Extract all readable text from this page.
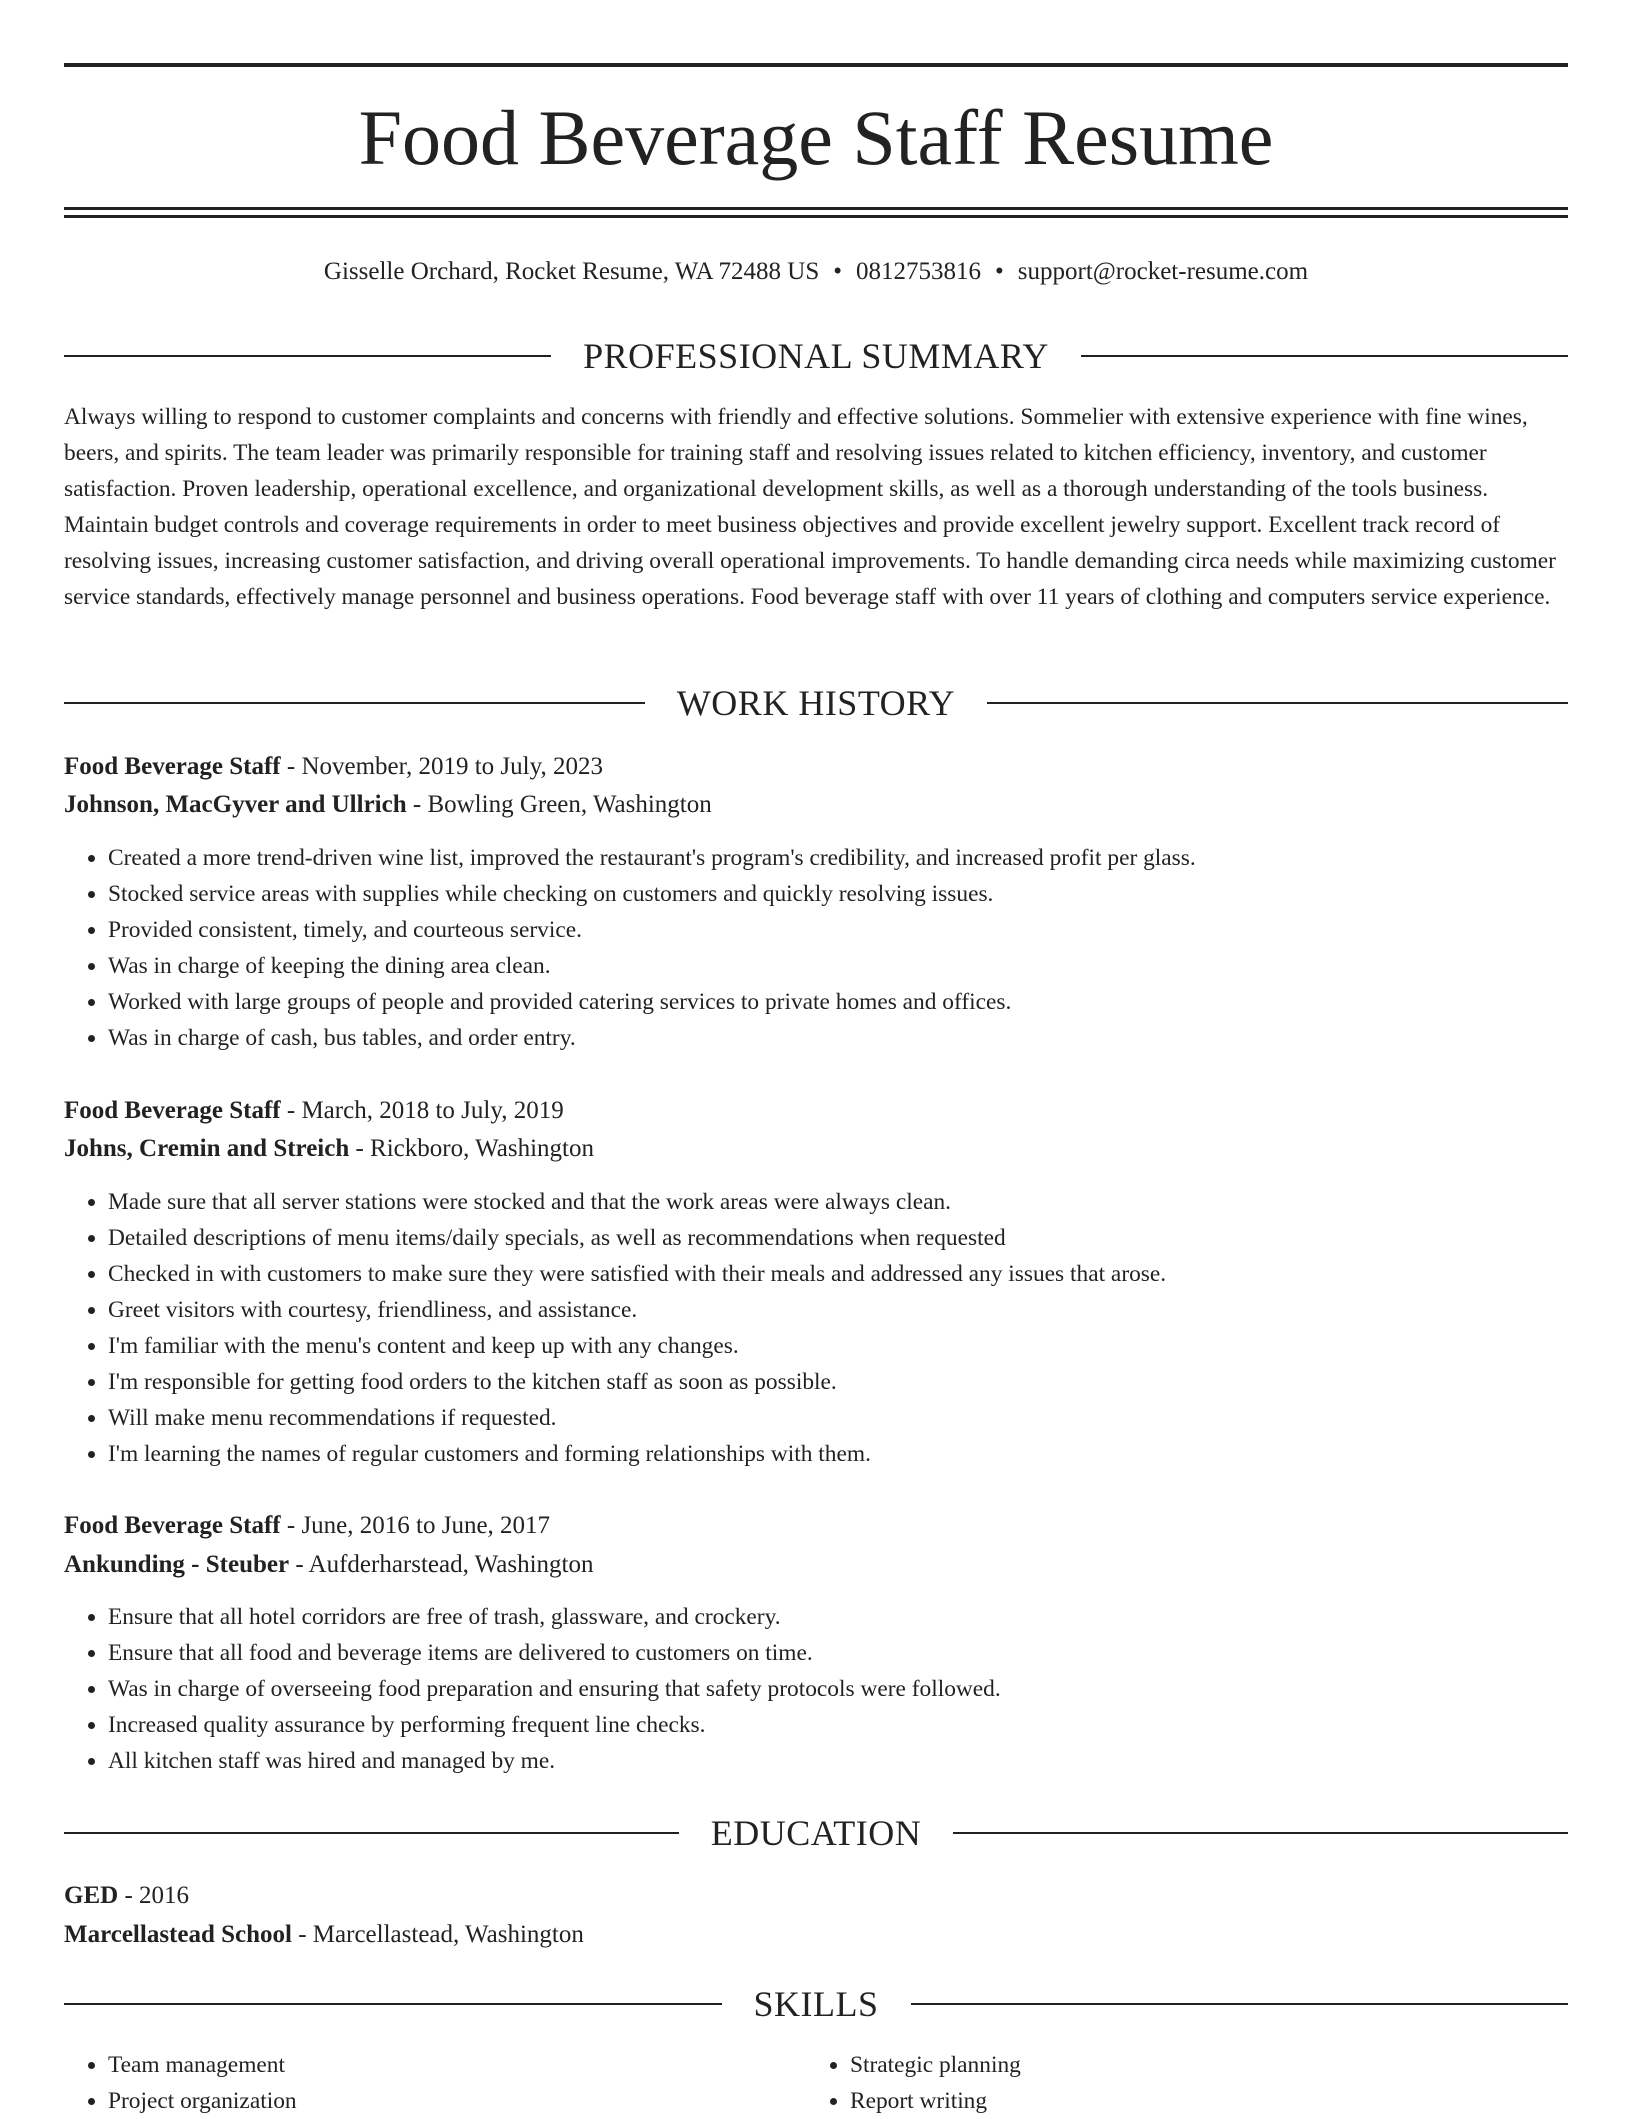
Food Beverage Staff Resume
Gisselle Orchard, Rocket Resume, WA 72488 US • 0812753816 • support@rocket-resume.com
PROFESSIONAL SUMMARY

Always willing to respond to customer complaints and concerns with friendly and effective solutions. Sommelier with extensive experience with fine wines, beers, and spirits. The team leader was primarily responsible for training staff and resolving issues related to kitchen efficiency, inventory, and customer satisfaction. Proven leadership, operational excellence, and organizational development skills, as well as a thorough understanding of the tools business. Maintain budget controls and coverage requirements in order to meet business objectives and provide excellent jewelry support. Excellent track record of resolving issues, increasing customer satisfaction, and driving overall operational improvements. To handle demanding circa needs while maximizing customer service standards, effectively manage personnel and business operations. Food beverage staff with over 11 years of clothing and computers service experience.

WORK HISTORY
Food Beverage Staff - November, 2019 to July, 2023
Johnson, MacGyver and Ullrich - Bowling Green, Washington
• Created a more trend-driven wine list, improved the restaurant's program's credibility, and increased profit per glass.
• Stocked service areas with supplies while checking on customers and quickly resolving issues.
• Provided consistent, timely, and courteous service.
• Was in charge of keeping the dining area clean.
• Worked with large groups of people and provided catering services to private homes and offices.
• Was in charge of cash, bus tables, and order entry.
Food Beverage Staff - March, 2018 to July, 2019
Johns, Cremin and Streich - Rickboro, Washington
• Made sure that all server stations were stocked and that the work areas were always clean.
• Detailed descriptions of menu items/daily specials, as well as recommendations when requested
• Checked in with customers to make sure they were satisfied with their meals and addressed any issues that arose.
• Greet visitors with courtesy, friendliness, and assistance.
• I'm familiar with the menu's content and keep up with any changes.
• I'm responsible for getting food orders to the kitchen staff as soon as possible.
• Will make menu recommendations if requested.
• I'm learning the names of regular customers and forming relationships with them.
Food Beverage Staff - June, 2016 to June, 2017
Ankunding - Steuber - Aufderharstead, Washington
• Ensure that all hotel corridors are free of trash, glassware, and crockery.
• Ensure that all food and beverage items are delivered to customers on time.
• Was in charge of overseeing food preparation and ensuring that safety protocols were followed.
• Increased quality assurance by performing frequent line checks.
• All kitchen staff was hired and managed by me.
EDUCATION
GED - 2016
Marcellastead School - Marcellastead, Washington
SKILLS
• Team management
• Project organization
• Strategic planning
• Report writing
